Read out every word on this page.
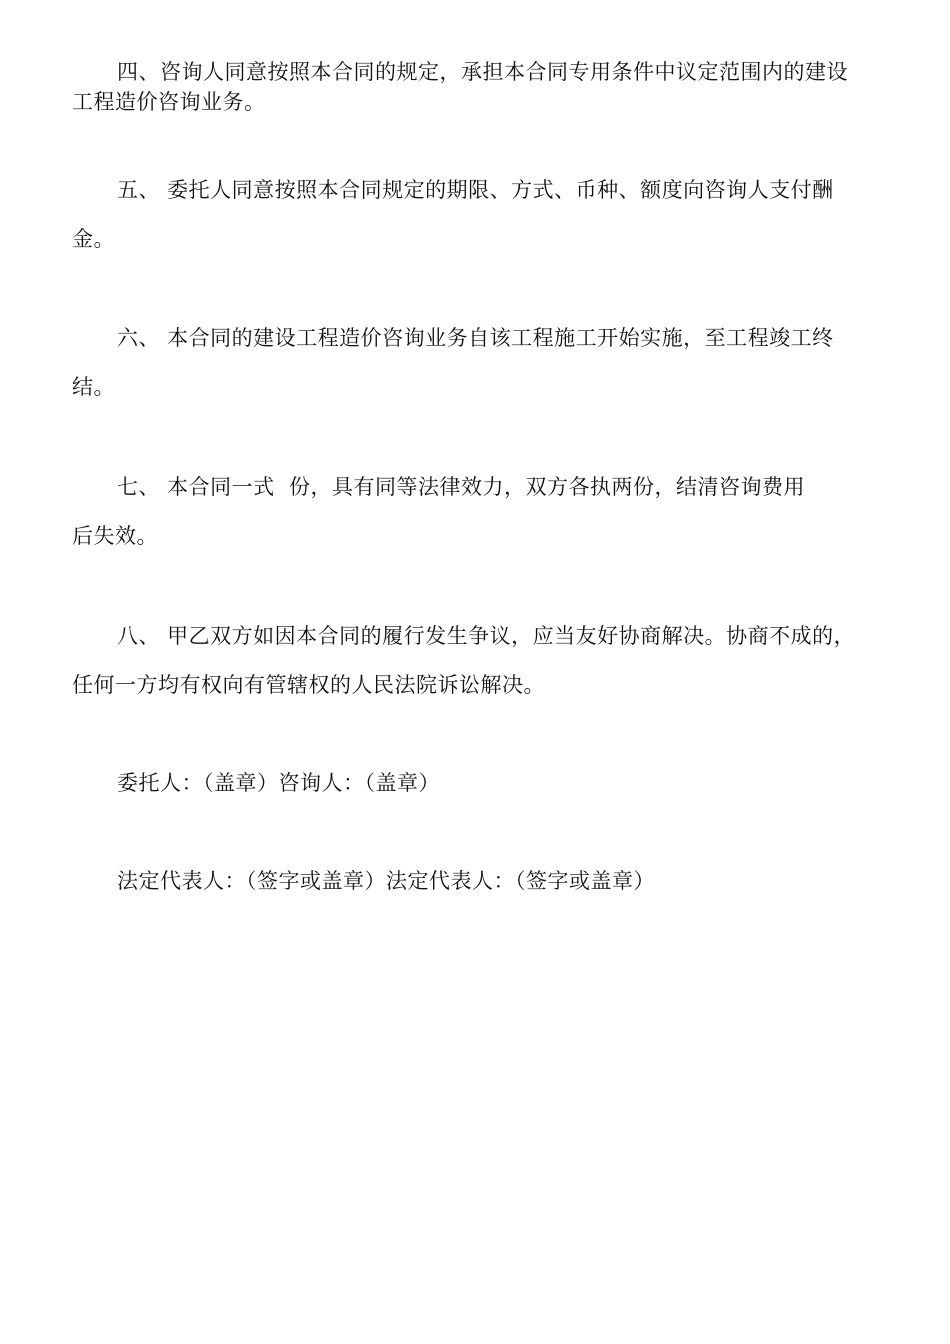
四、咨询人同意按照本合同的规定，承担本合同专用条件中议定范围内的建设
工程造价咨询业务。
五、 委托人同意按照本合同规定的期限、方式、币种、额度向咨询人支付酬
金。
六、 本合同的建设工程造价咨询业务自该工程施工开始实施，至工程竣工终
结。
七、 本合同一式  份，具有同等法律效力，双方各执两份，结清咨询费用
后失效。
八、 甲乙双方如因本合同的履行发生争议，应当友好协商解决。协商不成的，
任何一方均有权向有管辖权的人民法院诉讼解决。
委托人：（盖章）咨询人：（盖章）
法定代表人：（签字或盖章）法定代表人：（签字或盖章）
